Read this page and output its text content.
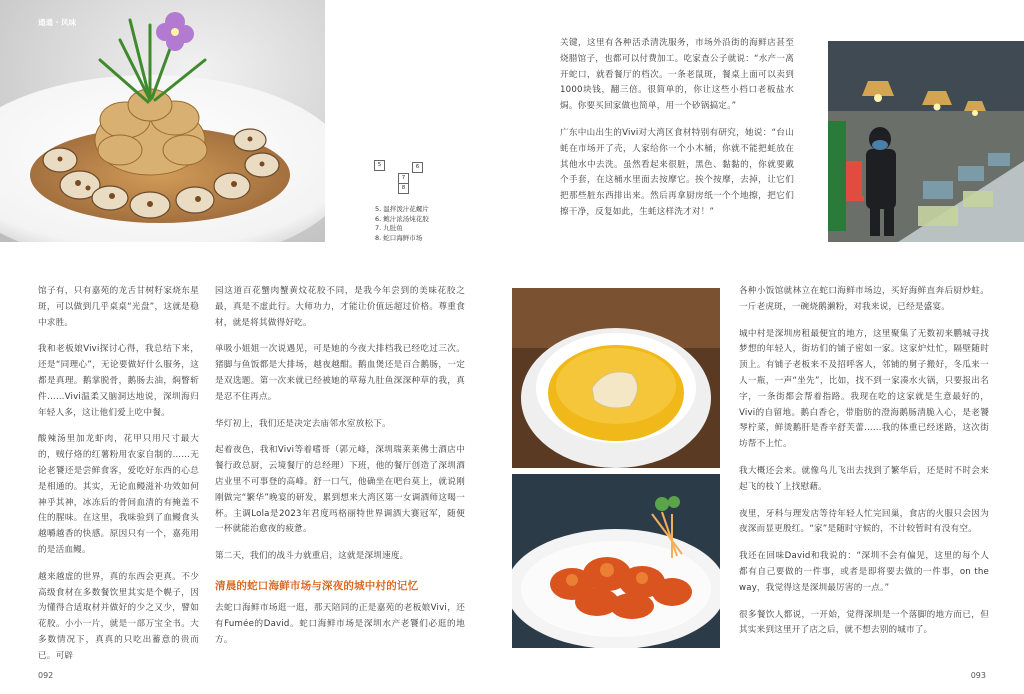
通通 · 风味
5	6
7
8
5. 温拌泼汁花螺片
6. 鲍汁浓汤炖花胶
7. 九肚鱼
8. 蛇口海鲜市场

关键，这里有各种活杀清洗服务，市场外沿街的海鲜店甚至烧腊馆子，也都可以付费加工。吃家查公子就说：“水产一离开蛇口，就看餐厅的档次。一条老鼠斑，餐桌上面可以卖到1000块钱，翻三倍。很简单的，你让这些小档口老板盐水焗。你要买回家做也简单，用一个砂锅搞定。”

广东中山出生的Vivi对大湾区食材特别有研究，她说：“台山蚝在市场开了壳，人家给你一个小木桶，你就不能把蚝放在其他水中去洗。虽然看起来很脏，黑色、黏黏的，你就要戴个手套，在这桶水里面去按摩它。挨个按摩，去掉，让它们把那些脏东西排出来。然后再拿厨房纸一个个地擦，把它们擦干净，反复如此，生蚝这样洗才对！”

馆子有，只有嘉苑的龙舌甘树籽家烧东星斑，可以做到几乎桌桌“光盘”，这就是稳中求胜。

我和老板娘Vivi探讨心得，我总结下来，还是“同理心”，无论要做好什么服务，这都是真理。鹅掌脱骨，鹅肠去油，焖瞥斩件……Vivi温柔又脑洞达地说，深圳海归年轻人多，这让他们爱上吃中餐。

酸辣汤里加龙虾肉，花甲只用尺寸最大的，贼仔烙的红薯粉用农家自制的……无论老饕还是尝鲜食客，爱吃好东西的心总是相通的。其实，无论血鳗滋补功效如何神乎其神，冰冻后的骨间血清的有掩盖不住的腥味。在这里，我味验到了血鳗食头越嚼越香的快感。原因只有一个，嘉苑用的是活血鳗。

越来越虚的世界，真的东西会更真。不少高级食材在多数餐饮里其实是个幌子，因为懂得合适取材并做好的少之又少，譬如花胶。小小一片，就是一部万宝全书。大多数情况下，真真的只吃出蓄意的贵而已。可辟

园这道百花蟹肉蟹黄炆花胶不同，是我今年尝到的美味花胶之最，真是不虚此行。大师功力，才能让价值远超过价格。尊重食材，就是将其做得好吃。

单吸小姐姐一次说遇见，可是她的今夜大排档我已经吃过三次。猪脚与鱼饭都是大排场，越夜越酣。鹅血煲还是百合鹅肠，一定是双选题。第一次来就已经被她的草莓九肚鱼深深种草的我，真是忍不住再点。

华灯初上，我们还是决定去庙邻水室放松下。

起着夜色，我和Vivi等着嗜哥（郭元峰，深圳瑞莱莱佛士酒店中餐行政总厨，云境餐厅的总经理）下班，他的餐厅创造了深圳酒店业里不可事登的高峰。舒一口气，他确坐在吧台莫上，就说刚刚做完“繁华”晚宴的研发，累到想来大湾区第一女调酒师这喝一杯。主调Lola是2023年君度玛格丽特世界调酒大赛冠军，随便一杯就能治愈夜的疲惫。

第二天，我们的战斗力就重启，这就是深圳速度。

清晨的蛇口海鲜市场与深夜的城中村的记忆

去蛇口海鲜市场逛一逛，那天陪同的正是嘉苑的老板娘Vivi，还有Fumée的David。蛇口海鲜市场是深圳水产老饕们必逛的地方。

092

各种小饭馆就林立在蛇口海鲜市场边，买好海鲜直奔后厨炒蛀。一斤老虎斑，一碗烧鹅濑粉，对我来说，已经是盛宴。

城中村是深圳房租最便宜的地方，这里聚集了无数初来鹏城寻找梦想的年轻人，街坊们的铺子密如一家。这家炉灶忙，隔壁随时顶上。有铺子老板来不及招呼客人，邻铺的舅子搬好，冬瓜来一人一瓶，一声“坐先”，比如，找不到一家凑水火锅，只要报出名字，一条街都会帮着指路。我现在吃的这家就是生意最好的，Vivi的自留地。鹅白香仑，带脂肪的澄海鹅肠清脆入心，是老饕琴柠菜，鲜烫鹅肝是香辛舒芙蕾……我的体重已经迷路，这次街坊帮不上忙。

我大概还会来。就像鸟儿飞出去找到了繁华后，还是时不时会来起飞的枝丫上找慰藉。

夜里，牙科与理发店等待年轻人忙完回巢，食店的火服只会因为夜深而显更殷红。“家”是随时守候的，不计较暂时有没有空。

我还在回味David和我说的：“深圳不会有偏见，这里的每个人都有自己要做的一件事，或者是即将要去做的一件事，on the way，我觉得这是深圳最厉害的一点。”

很多餐饮人都说，一开始，觉得深圳是一个落脚的地方而已，但其实来到这里开了店之后，就不想去别的城市了。

093
